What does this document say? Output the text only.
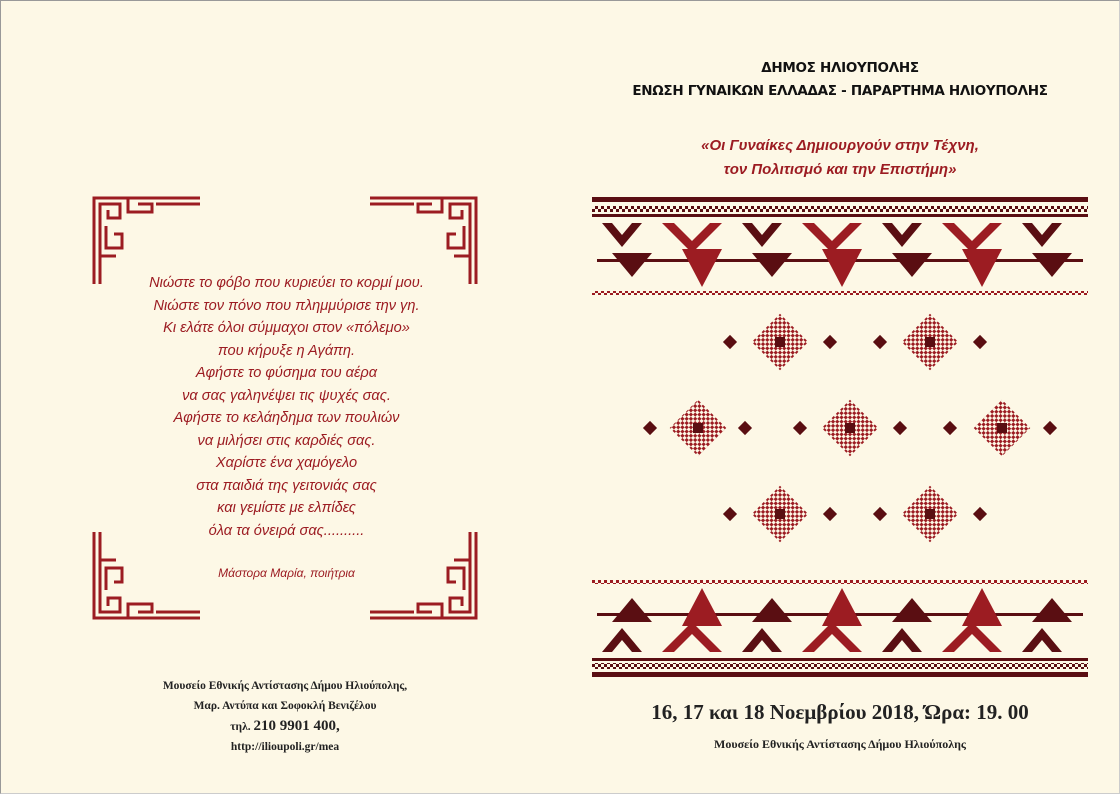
Νιώστε το φόβο που κυριεύει το κορμί μου.
Νιώστε τον πόνο που πλημμύρισε την γη.
Κι ελάτε όλοι σύμμαχοι στον «πόλεμο»
που κήρυξε η Αγάπη.
Αφήστε το φύσημα του αέρα
να σας γαληνέψει τις ψυχές σας.
Αφήστε το κελάηδημα των πουλιών
να μιλήσει στις καρδιές σας.
Χαρίστε ένα χαμόγελο
στα παιδιά της γειτονιάς σας
και γεμίστε με ελπίδες
όλα τα όνειρά σας..........
Μάστορα Μαρία, ποιήτρια
Μουσείο Εθνικής Αντίστασης Δήμου Ηλιούπολης,
Μαρ. Αντύπα και Σοφοκλή Βενιζέλου
τηλ. 210 9901 400,
http://ilioupoli.gr/mea
ΔΗΜΟΣ ΗΛΙΟΥΠΟΛΗΣ
ΕΝΩΣΗ ΓΥΝΑΙΚΩΝ ΕΛΛΑΔΑΣ - ΠΑΡΑΡΤΗΜΑ ΗΛΙΟΥΠΟΛΗΣ
«Οι Γυναίκες Δημιουργούν στην Τέχνη,
τον Πολιτισμό και την Επιστήμη»
16, 17 και 18 Νοεμβρίου 2018, Ώρα: 19. 00
Μουσείο Εθνικής Αντίστασης Δήμου Ηλιούπολης
